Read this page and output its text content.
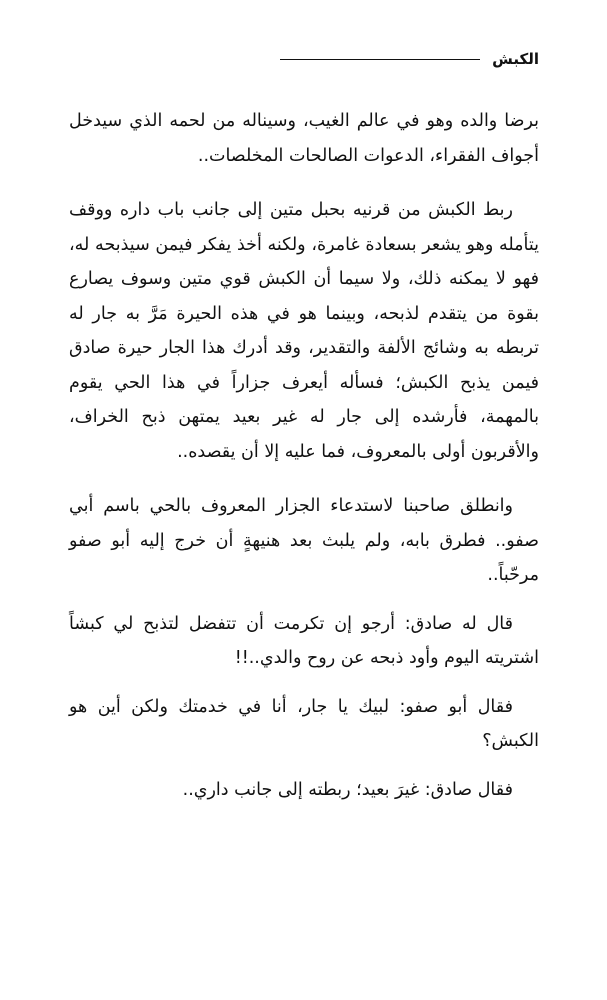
الكبش

برضا والده وهو في عالم الغيب، وسيناله من لحمه الذي سيدخل أجواف الفقراء، الدعوات الصالحات المخلصات..

ربط الكبش من قرنيه بحبل متين إلى جانب باب داره ووقف يتأمله وهو يشعر بسعادة غامرة، ولكنه أخذ يفكر فيمن سيذبحه له، فهو لا يمكنه ذلك، ولا سيما أن الكبش قوي متين وسوف يصارع بقوة من يتقدم لذبحه، وبينما هو في هذه الحيرة مَرَّ به جار له تربطه به وشائج الألفة والتقدير، وقد أدرك هذا الجار حيرة صادق فيمن يذبح الكبش؛ فسأله أيعرف جزاراً في هذا الحي يقوم بالمهمة، فأرشده إلى جار له غير بعيد يمتهن ذبح الخراف، والأقربون أولى بالمعروف، فما عليه إلا أن يقصده..

وانطلق صاحبنا لاستدعاء الجزار المعروف بالحي باسم أبي صفو.. فطرق بابه، ولم يلبث بعد هنيهةٍ أن خرج إليه أبو صفو مرحّباً..

قال له صادق: أرجو إن تكرمت أن تتفضل لتذبح لي كبشاً اشتريته اليوم وأود ذبحه عن روح والدي..!!

فقال أبو صفو: لبيك يا جار، أنا في خدمتك ولكن أين هو الكبش؟

فقال صادق: غيرَ بعيد؛ ربطته إلى جانب داري..
